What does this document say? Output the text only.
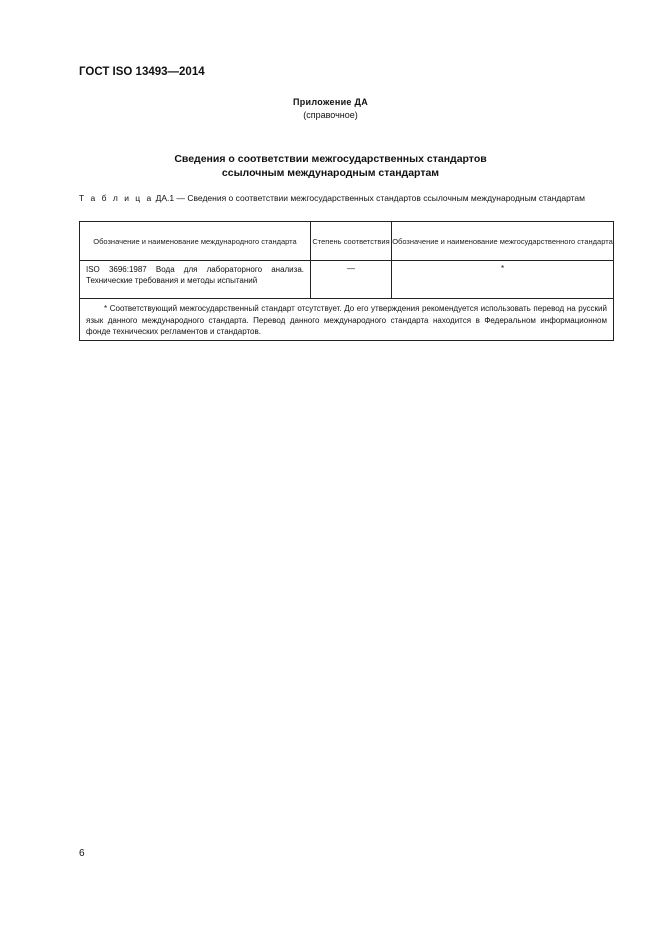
ГОСТ ISO 13493—2014
Приложение ДА
(справочное)
Сведения о соответствии межгосударственных стандартов
ссылочным международным стандартам
Т а б л и ц а ДА.1 — Сведения о соответствии межгосударственных стандартов ссылочным международным стандартам
Обозначение и наименование международного стандарта	Степень соответствия	Обозначение и наименование межгосударственного стандарта

ISO 3696:1987 Вода для лабораторного анализа. Технические требования и методы испытаний	—	*

* Соответствующий межгосударственный стандарт отсутствует. До его утверждения рекомендуется использовать перевод на русский язык данного международного стандарта. Перевод данного международного стандарта находится в Федеральном информационном фонде технических регламентов и стандартов.		
6
